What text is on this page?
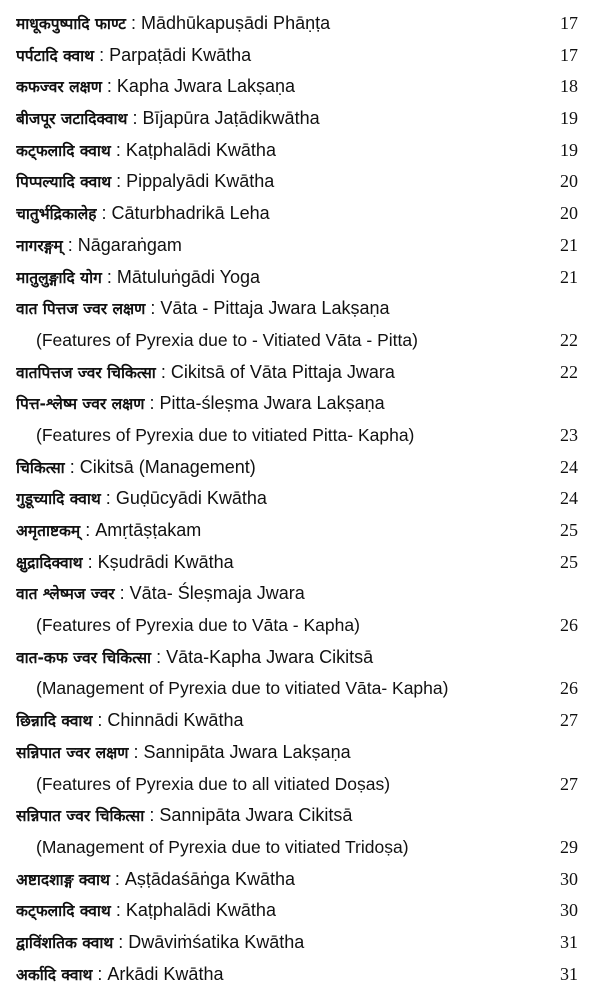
माधूकपुष्पादि फाण्ट : Mādhūkapuṣādi Phāṇṭa	17
पर्पटादि क्वाथ : Parpaṭādi Kwātha	17
कफज्वर लक्षण : Kapha Jwara Lakṣaṇa	18
बीजपूर जटादिक्वाथ : Bījapūra Jaṭādikwātha	19
कट्फलादि क्वाथ : Kaṭphalādi Kwātha	19
पिप्पल्यादि क्वाथ : Pippalyādi Kwātha	20
चातुर्भद्रिकालेह : Cāturbhadrikā Leha	20
नागरङ्गम् : Nāgaraṅgam	21
मातुलुङ्गादि योग : Mātuluṅgādi Yoga	21
वात पित्तज ज्वर लक्षण : Vāta - Pittaja Jwara Lakṣaṇa
(Features of Pyrexia due to - Vitiated Vāta - Pitta)	22
वातपित्तज ज्वर चिकित्सा : Cikitsā of Vāta Pittaja Jwara	22
पित्त-श्लेष्म ज्वर लक्षण : Pitta-śleṣma Jwara Lakṣaṇa
(Features of Pyrexia due to vitiated Pitta- Kapha)	23
चिकित्सा : Cikitsā (Management)	24
गुडूच्यादि क्वाथ : Guḍūcyādi Kwātha	24
अमृताष्टकम् : Amṛtāṣṭakam	25
क्षुद्रादिक्वाथ : Kṣudrādi Kwātha	25
वात श्लेष्मज ज्वर : Vāta- Śleṣmaja Jwara
(Features of Pyrexia due to Vāta - Kapha)	26
वात-कफ ज्वर चिकित्सा : Vāta-Kapha Jwara Cikitsā
(Management of Pyrexia due to vitiated Vāta- Kapha)	26
छिन्नादि क्वाथ : Chinnādi Kwātha	27
सन्निपात ज्वर लक्षण : Sannipāta Jwara Lakṣaṇa
(Features of Pyrexia due to all vitiated Doṣas)	27
सन्निपात ज्वर चिकित्सा : Sannipāta Jwara Cikitsā
(Management of Pyrexia due to vitiated Tridoṣa)	29
अष्टादशाङ्ग क्वाथ : Aṣṭādaśāṅga Kwātha	30
कट्फलादि क्वाथ : Kaṭphalādi Kwātha	30
द्वाविंशतिक क्वाथ : Dwāviṁśatika Kwātha	31
अर्कादि क्वाथ : Arkādi Kwātha	31
